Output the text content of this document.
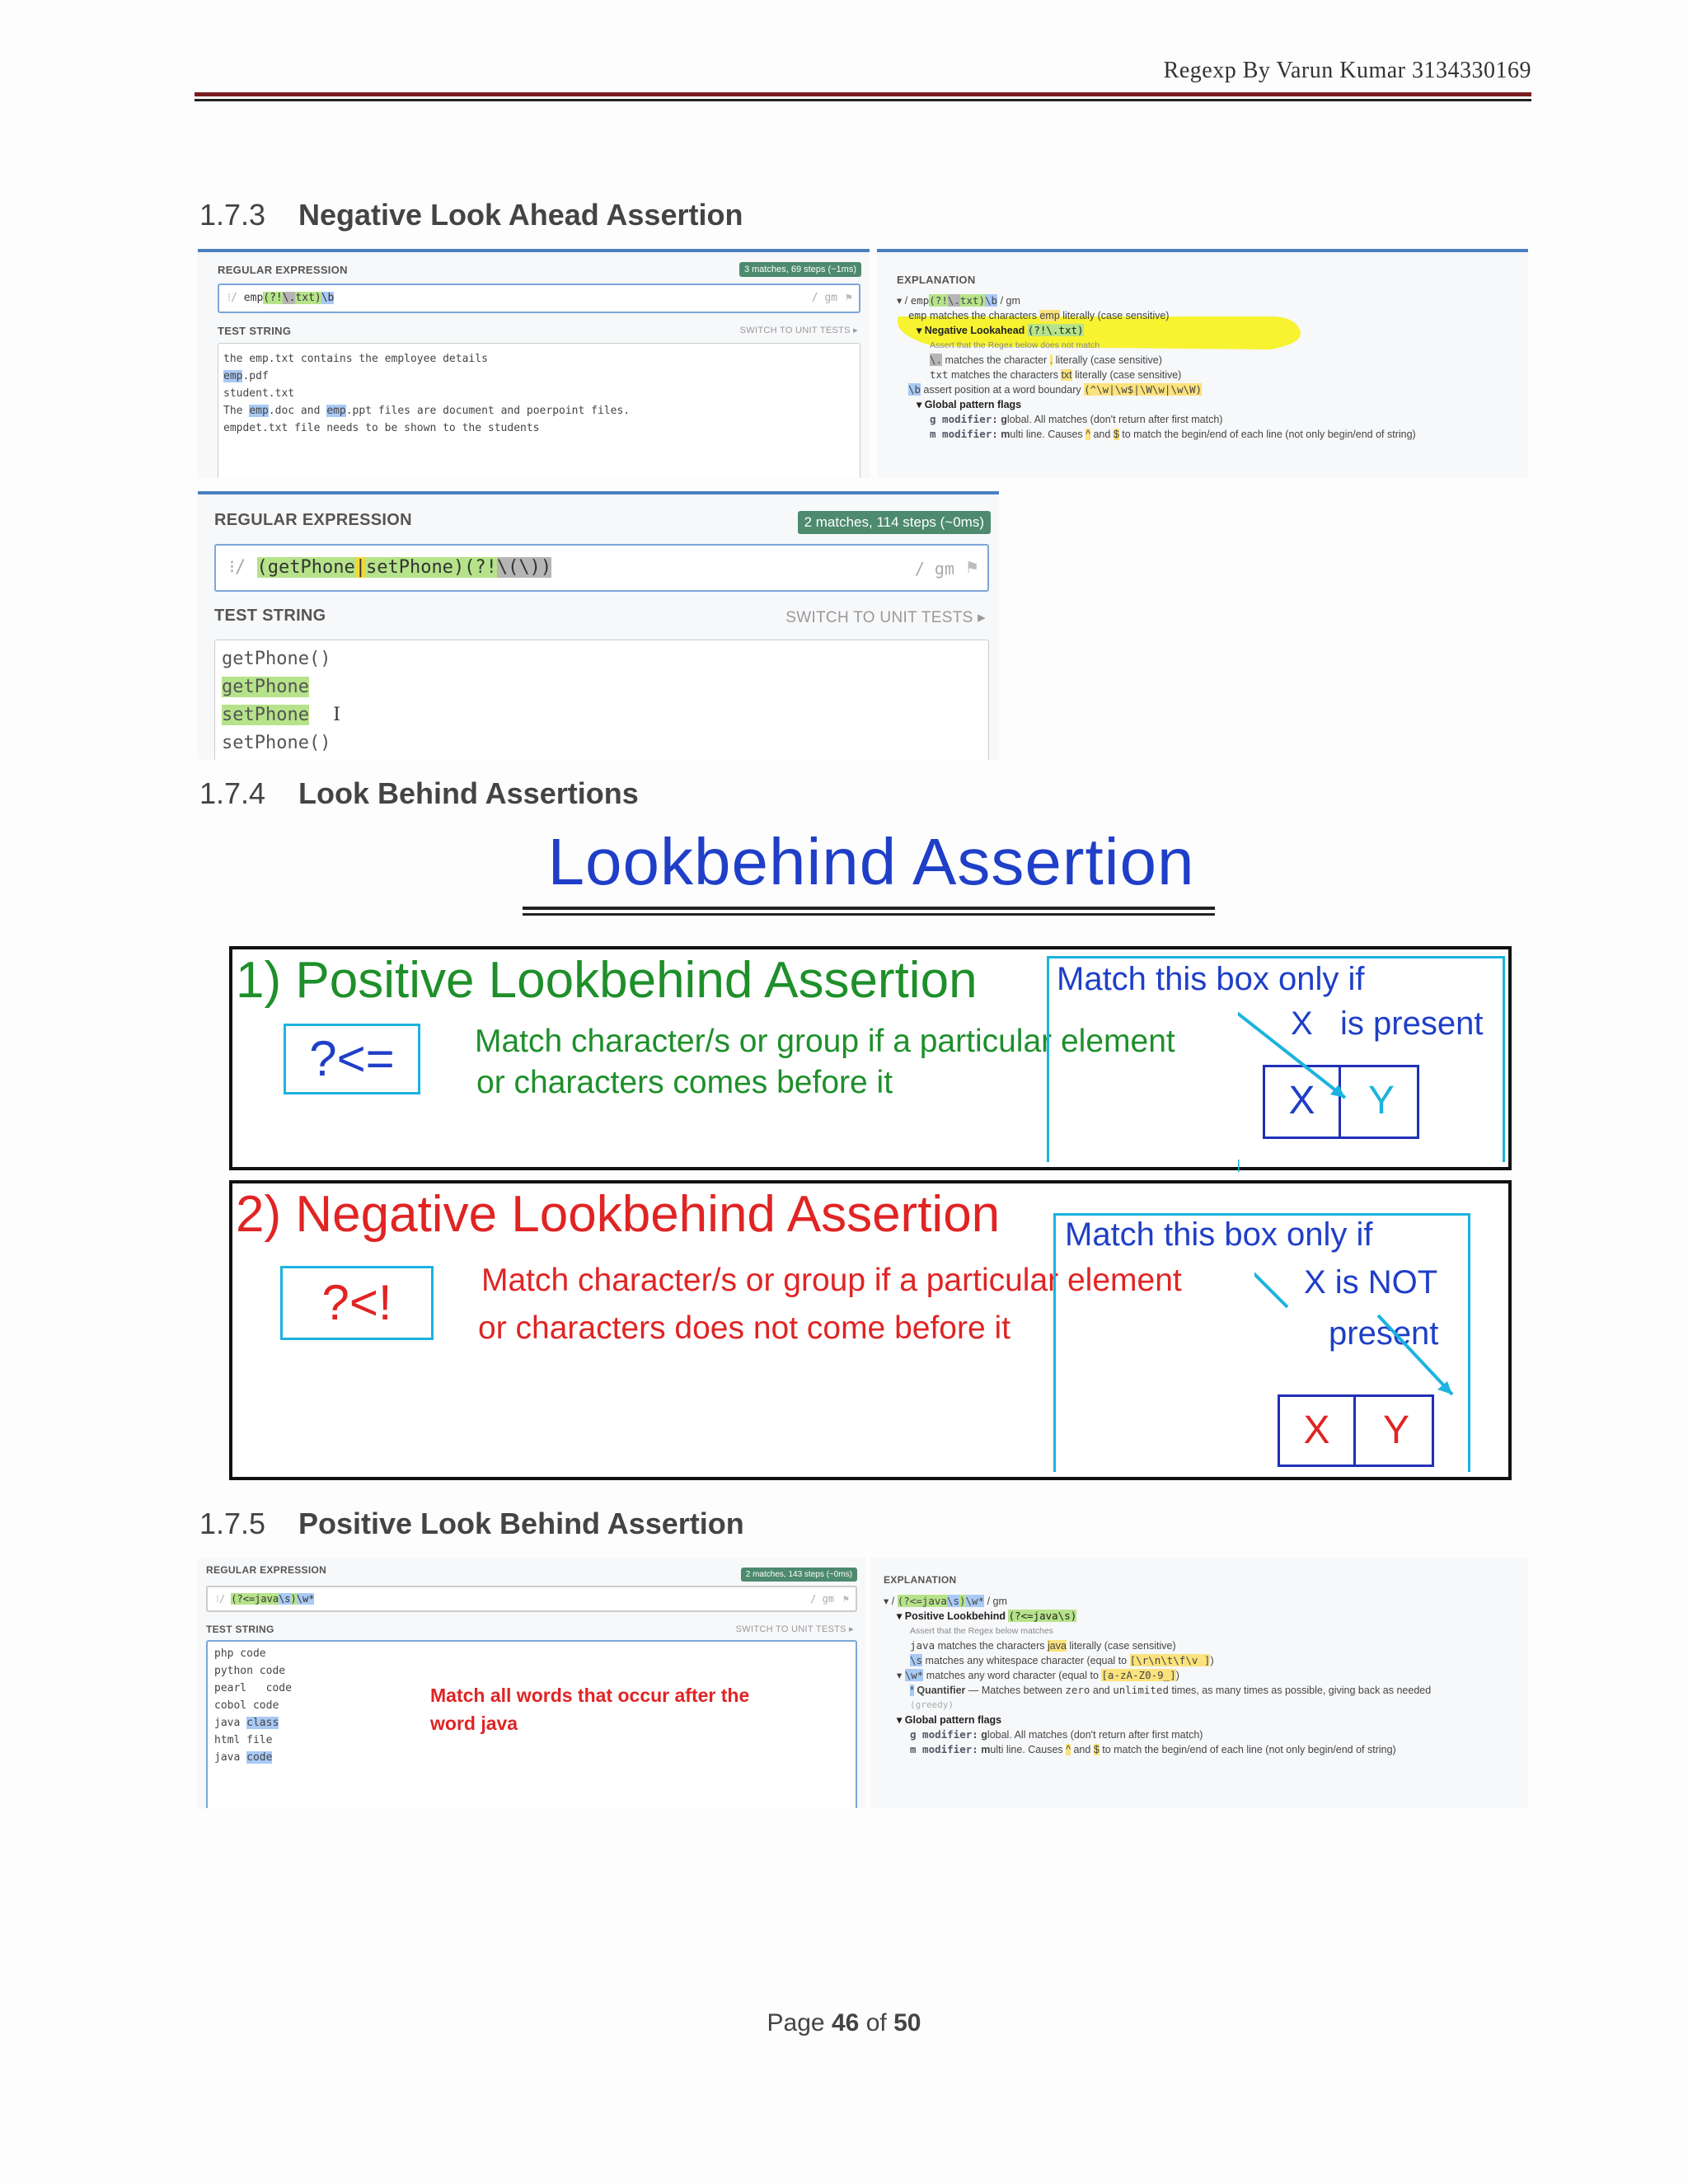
Regexp By Varun Kumar 3134330169
1.7.3 Negative Look Ahead Assertion
REGULAR EXPRESSION	3 matches, 69 steps (~1ms)
⁝/ emp(?!\.txt)\b	/ gm ⚑
TEST STRING	SWITCH TO UNIT TESTS ▸
the emp.txt contains the employee details
emp.pdf
student.txt
The emp.doc and emp.ppt files are document and poerpoint files.
empdet.txt file needs to be shown to the students
EXPLANATION
▾ / emp(?!\.txt)\b / gm
emp matches the characters emp literally (case sensitive)
▾ Negative Lookahead (?!\.txt)
Assert that the Regex below does not match
\. matches the character . literally (case sensitive)
txt matches the characters txt literally (case sensitive)
\b assert position at a word boundary (^\w|\w$|\W\w|\w\W)
▾ Global pattern flags
g modifier: global. All matches (don't return after first match)
m modifier: multi line. Causes ^ and $ to match the begin/end of each line (not only begin/end of string)
REGULAR EXPRESSION	2 matches, 114 steps (~0ms)
⁝/ (getPhone|setPhone)(?!\(\))	/ gm ⚑
TEST STRING	SWITCH TO UNIT TESTS ▸
getPhone()
getPhone
setPhone I
setPhone()
1.7.4 Look Behind Assertions
Lookbehind Assertion
1) Positive Lookbehind Assertion
?<=	Match character/s or group if a particular element
or characters comes before it
Match this box only if
X   is present
X	Y
2) Negative Lookbehind Assertion
?<!	Match character/s or group if a particular element
or characters does not come before it
Match this box only if
X is NOT
present
X	Y
1.7.5 Positive Look Behind Assertion
REGULAR EXPRESSION	2 matches, 143 steps (~0ms)
⁝/ (?<=java\s)\w*	/ gm ⚑
TEST STRING	SWITCH TO UNIT TESTS ▸
php code
python code
pearl   code
cobol code
java class
html file
java code
Match all words that occur after the
word java
EXPLANATION
▾ / (?<=java\s)\w* / gm
▾ Positive Lookbehind (?<=java\s)
Assert that the Regex below matches
java matches the characters java literally (case sensitive)
\s matches any whitespace character (equal to [\r\n\t\f\v ])
▾ \w* matches any word character (equal to [a-zA-Z0-9_])
* Quantifier — Matches between zero and unlimited times, as many times as possible, giving back as needed
(greedy)
▾ Global pattern flags
g modifier: global. All matches (don't return after first match)
m modifier: multi line. Causes ^ and $ to match the begin/end of each line (not only begin/end of string)
Page 46 of 50
